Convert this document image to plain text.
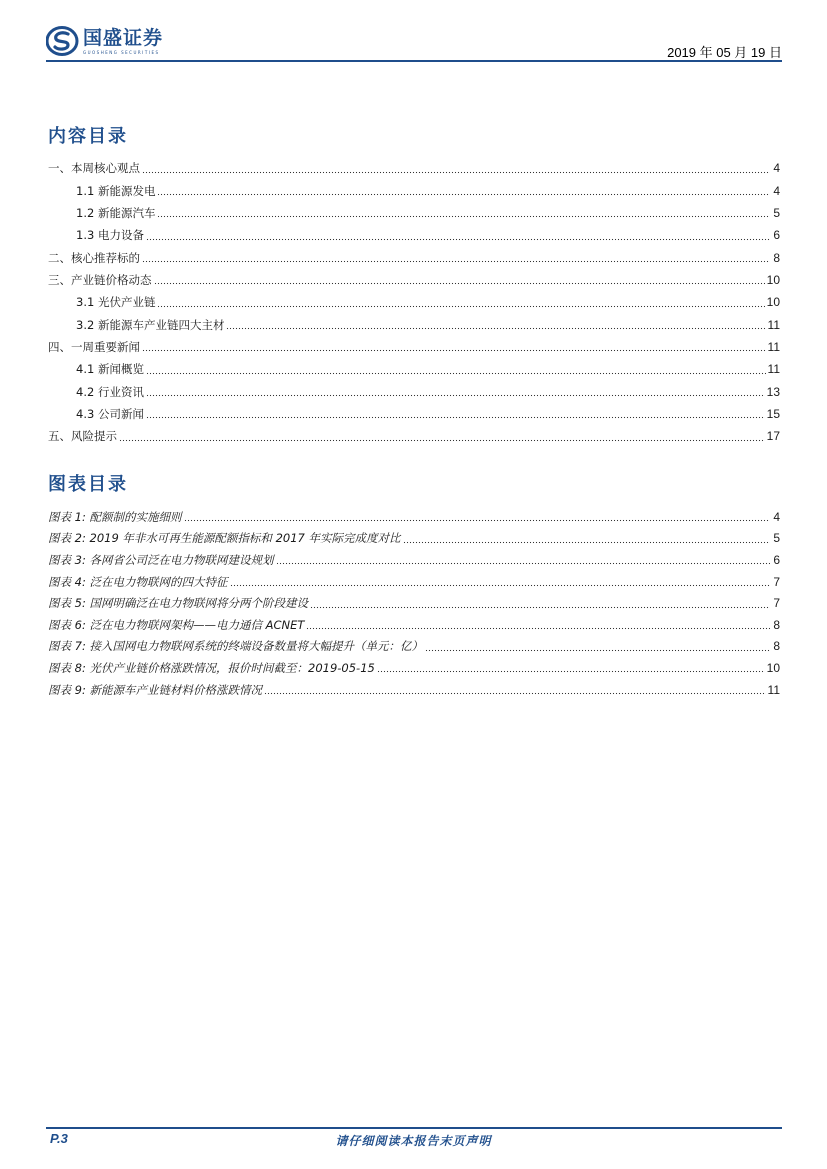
国盛证券
GUOSHENG SECURITIES	2019 年 05 月 19 日
内容目录
一、本周核心观点	4
1.1 新能源发电	4
1.2 新能源汽车	5
1.3 电力设备	6
二、核心推荐标的	8
三、产业链价格动态	10
3.1 光伏产业链	10
3.2 新能源车产业链四大主材	11
四、一周重要新闻	11
4.1 新闻概览	11
4.2 行业资讯	13
4.3 公司新闻	15
五、风险提示	17
图表目录
图表 1: 配额制的实施细则	4
图表 2: 2019 年非水可再生能源配额指标和 2017 年实际完成度对比	5
图表 3: 各网省公司泛在电力物联网建设规划	6
图表 4: 泛在电力物联网的四大特征	7
图表 5: 国网明确泛在电力物联网将分两个阶段建设	7
图表 6: 泛在电力物联网架构——电力通信 ACNET	8
图表 7: 接入国网电力物联网系统的终端设备数量将大幅提升（单元：亿）	8
图表 8: 光伏产业链价格涨跌情况，报价时间截至：2019-05-15	10
图表 9: 新能源车产业链材料价格涨跌情况	11
P.3	请仔细阅读本报告末页声明
